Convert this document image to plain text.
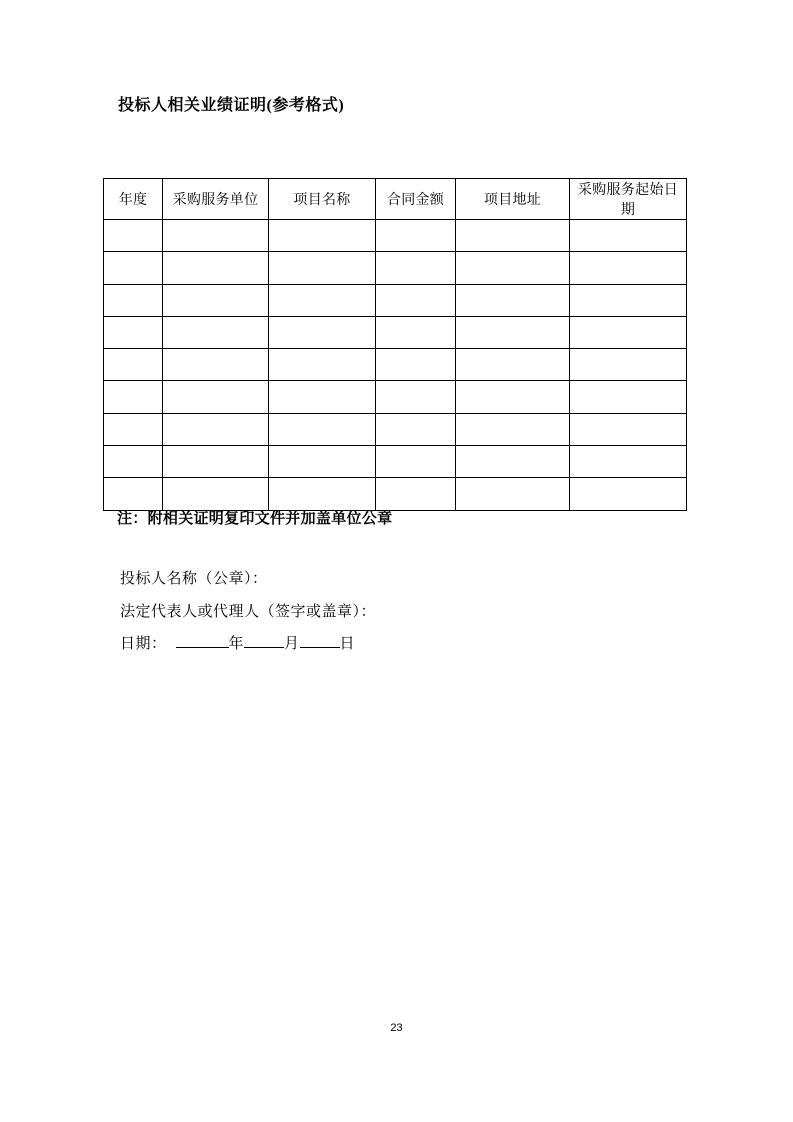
投标人相关业绩证明(参考格式)
年度	采购服务单位	项目名称	合同金额	项目地址	采购服务起始日期

注：附相关证明复印文件并加盖单位公章

投标人名称（公章）：

法定代表人或代理人（签字或盖章）：

日期：	年	月	日

23
